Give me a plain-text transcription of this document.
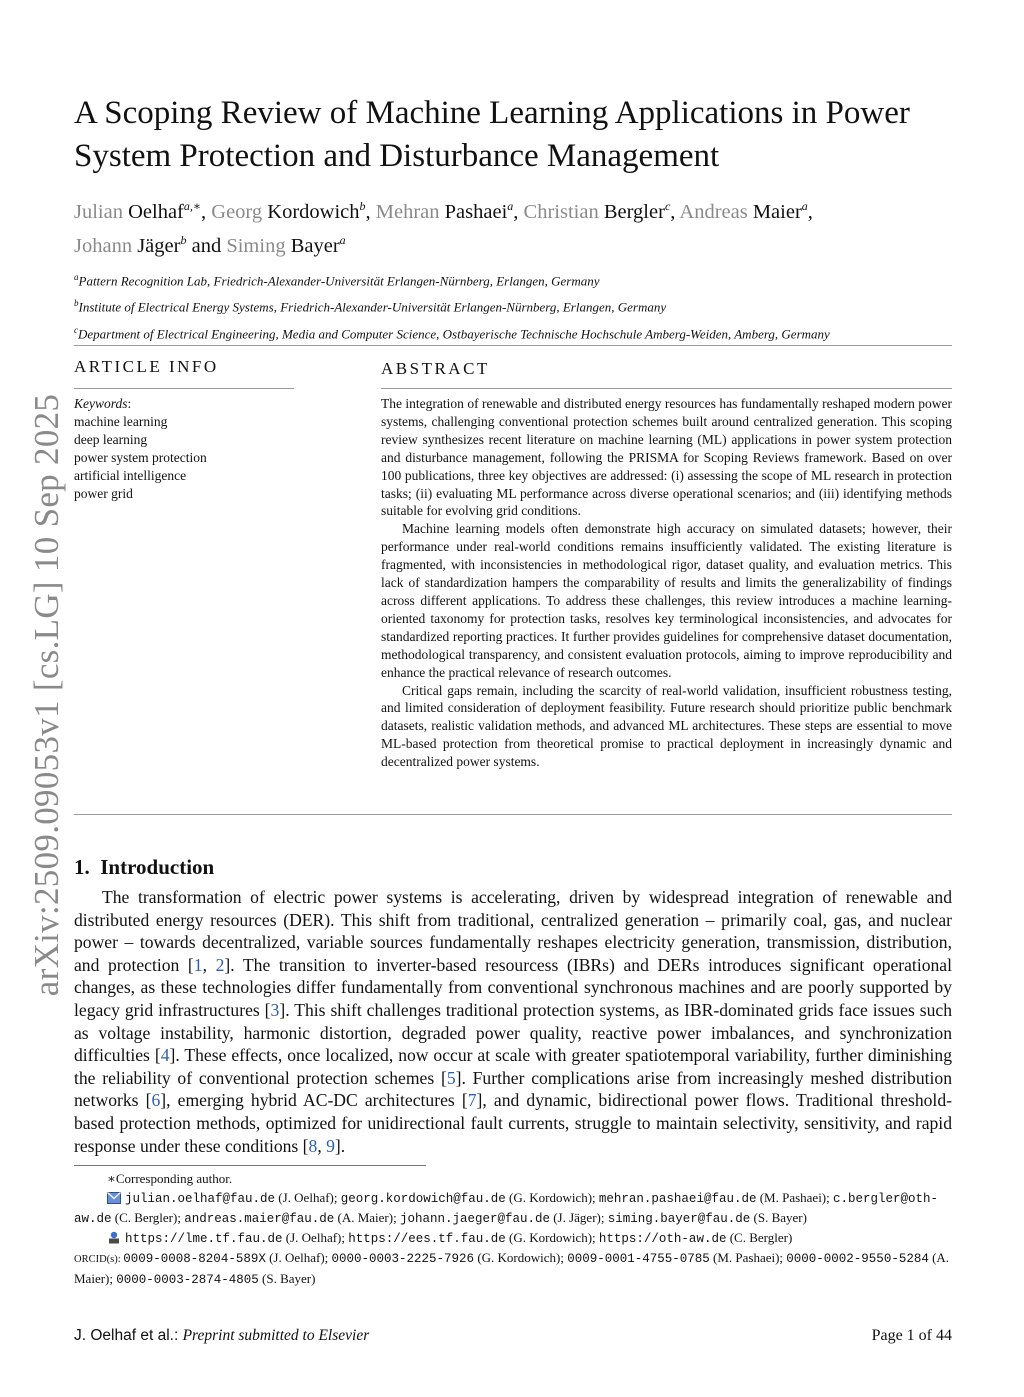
arXiv:2509.09053v1 [cs.LG] 10 Sep 2025
A Scoping Review of Machine Learning Applications in Power System Protection and Disturbance Management
Julian Oelhaf$^{a,∗}$, Georg Kordowich$^b$, Mehran Pashaei$^a$, Christian Bergler$^c$, Andreas Maier$^a$,
Johann Jäger$^b$ and Siming Bayer$^a$
$^a$Pattern Recognition Lab, Friedrich-Alexander-Universität Erlangen-Nürnberg, Erlangen, Germany
$^b$Institute of Electrical Energy Systems, Friedrich-Alexander-Universität Erlangen-Nürnberg, Erlangen, Germany
$^c$Department of Electrical Engineering, Media and Computer Science, Ostbayerische Technische Hochschule Amberg-Weiden, Amberg, Germany
ARTICLE INFO
Keywords:
machine learning
deep learning
power system protection
artificial intelligence
power grid
ABSTRACT

The integration of renewable and distributed energy resources has fundamentally reshaped modern power systems, challenging conventional protection schemes built around centralized generation. This scoping review synthesizes recent literature on machine learning (ML) applications in power system protection and disturbance management, following the PRISMA for Scoping Reviews framework. Based on over 100 publications, three key objectives are addressed: (i) assessing the scope of ML research in protection tasks; (ii) evaluating ML performance across diverse operational scenarios; and (iii) identifying methods suitable for evolving grid conditions.

Machine learning models often demonstrate high accuracy on simulated datasets; however, their performance under real-world conditions remains insufficiently validated. The existing literature is fragmented, with inconsistencies in methodological rigor, dataset quality, and evaluation metrics. This lack of standardization hampers the comparability of results and limits the generalizability of findings across different applications. To address these challenges, this review introduces a machine learning-oriented taxonomy for protection tasks, resolves key terminological inconsistencies, and advocates for standardized reporting practices. It further provides guidelines for comprehensive dataset documentation, methodological transparency, and consistent evaluation protocols, aiming to improve reproducibility and enhance the practical relevance of research outcomes.

Critical gaps remain, including the scarcity of real-world validation, insufficient robustness testing, and limited consideration of deployment feasibility. Future research should prioritize public benchmark datasets, realistic validation methods, and advanced ML architectures. These steps are essential to move ML-based protection from theoretical promise to practical deployment in increasingly dynamic and decentralized power systems.

1. Introduction

The transformation of electric power systems is accelerating, driven by widespread integration of renewable and distributed energy resources (DER). This shift from traditional, centralized generation – primarily coal, gas, and nuclear power – towards decentralized, variable sources fundamentally reshapes electricity generation, transmission, distribution, and protection [1, 2]. The transition to inverter-based resourcess (IBRs) and DERs introduces significant operational changes, as these technologies differ fundamentally from conventional synchronous machines and are poorly supported by legacy grid infrastructures [3]. This shift challenges traditional protection systems, as IBR-dominated grids face issues such as voltage instability, harmonic distortion, degraded power quality, reactive power imbalances, and synchronization difficulties [4]. These effects, once localized, now occur at scale with greater spatiotemporal variability, further diminishing the reliability of conventional protection schemes [5]. Further complications arise from increasingly meshed distribution networks [6], emerging hybrid AC-DC architectures [7], and dynamic, bidirectional power flows. Traditional threshold-based protection methods, optimized for unidirectional fault currents, struggle to maintain selectivity, sensitivity, and rapid response under these conditions [8, 9].

∗Corresponding author.

julian.oelhaf@fau.de (J. Oelhaf); georg.kordowich@fau.de (G. Kordowich); mehran.pashaei@fau.de (M. Pashaei); c.bergler@oth-aw.de (C. Bergler); andreas.maier@fau.de (A. Maier); johann.jaeger@fau.de (J. Jäger); siming.bayer@fau.de (S. Bayer)

https://lme.tf.fau.de (J. Oelhaf); https://ees.tf.fau.de (G. Kordowich); https://oth-aw.de (C. Bergler)

ORCID(s): 0009-0008-8204-589X (J. Oelhaf); 0000-0003-2225-7926 (G. Kordowich); 0009-0001-4755-0785 (M. Pashaei); 0000-0002-9550-5284 (A. Maier); 0000-0003-2874-4805 (S. Bayer)

J. Oelhaf et al.: Preprint submitted to Elsevier	Page 1 of 44
